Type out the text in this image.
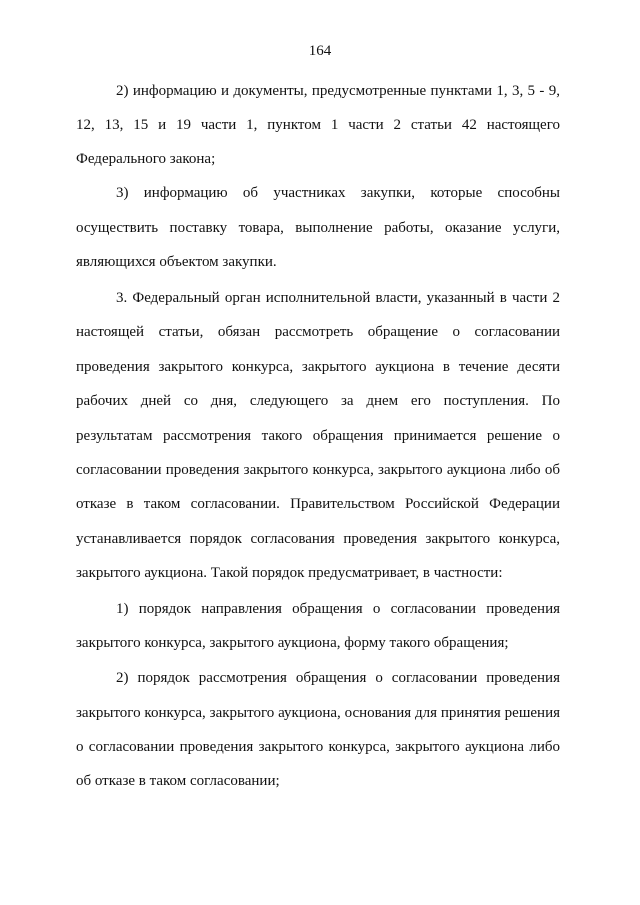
164
2) информацию и документы, предусмотренные пунктами 1, 3, 5 - 9,
12, 13, 15 и 19 части 1, пунктом 1 части 2 статьи 42 настоящего
Федерального закона;
3) информацию об участниках закупки, которые способны
осуществить поставку товара, выполнение работы, оказание услуги,
являющихся объектом закупки.
3. Федеральный орган исполнительной власти, указанный в части 2
настоящей статьи, обязан рассмотреть обращение о согласовании
проведения закрытого конкурса, закрытого аукциона в течение десяти
рабочих дней со дня, следующего за днем его поступления. По
результатам рассмотрения такого обращения принимается решение о
согласовании проведения закрытого конкурса, закрытого аукциона либо об
отказе в таком согласовании. Правительством Российской Федерации
устанавливается порядок согласования проведения закрытого конкурса,
закрытого аукциона. Такой порядок предусматривает, в частности:
1) порядок направления обращения о согласовании проведения
закрытого конкурса, закрытого аукциона, форму такого обращения;
2) порядок рассмотрения обращения о согласовании проведения
закрытого конкурса, закрытого аукциона, основания для принятия решения
о согласовании проведения закрытого конкурса, закрытого аукциона либо
об отказе в таком согласовании;
